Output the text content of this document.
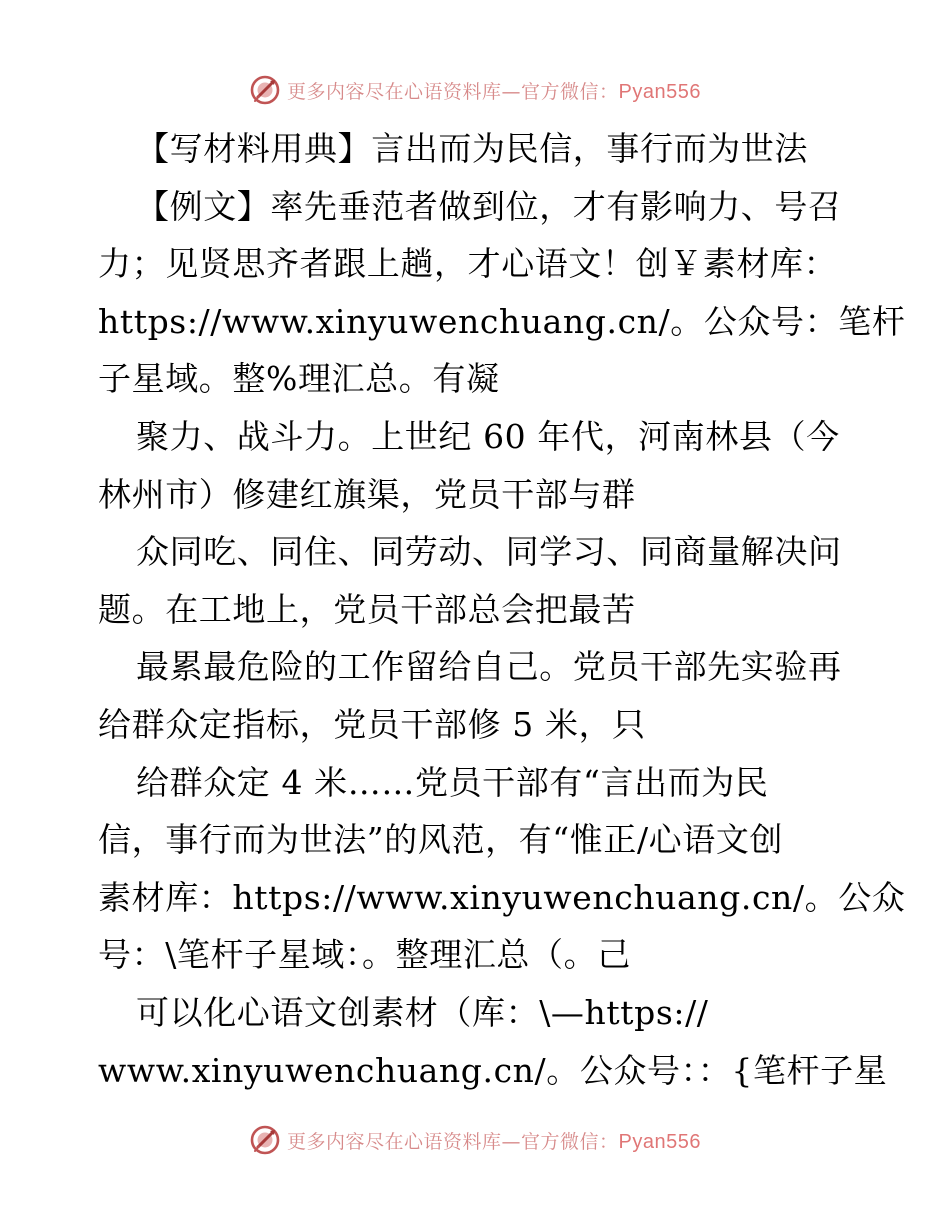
更多内容尽在心语资料库—官方微信：Pyan556
【写材料用典】言出而为民信，事行而为世法
【例文】率先垂范者做到位，才有影响力、号召
力；见贤思齐者跟上趟，才心语文！创￥素材库：
https://www.xinyuwenchuang.cn/。公众号：笔杆
子星域。整%理汇总。有凝
聚力、战斗力。上世纪 60 年代，河南林县（今
林州市）修建红旗渠，党员干部与群
众同吃、同住、同劳动、同学习、同商量解决问
题。在工地上，党员干部总会把最苦
最累最危险的工作留给自己。党员干部先实验再
给群众定指标，党员干部修 5 米，只
给群众定 4 米……党员干部有“言出而为民
信，事行而为世法”的风范，有“惟正/心语文创
素材库：https://www.xinyuwenchuang.cn/。公众
号：\笔杆子星域：。整理汇总（。己
可以化心语文创素材（库：\—https://
www.xinyuwenchuang.cn/。公众号：：{笔杆子星
更多内容尽在心语资料库—官方微信：Pyan556
